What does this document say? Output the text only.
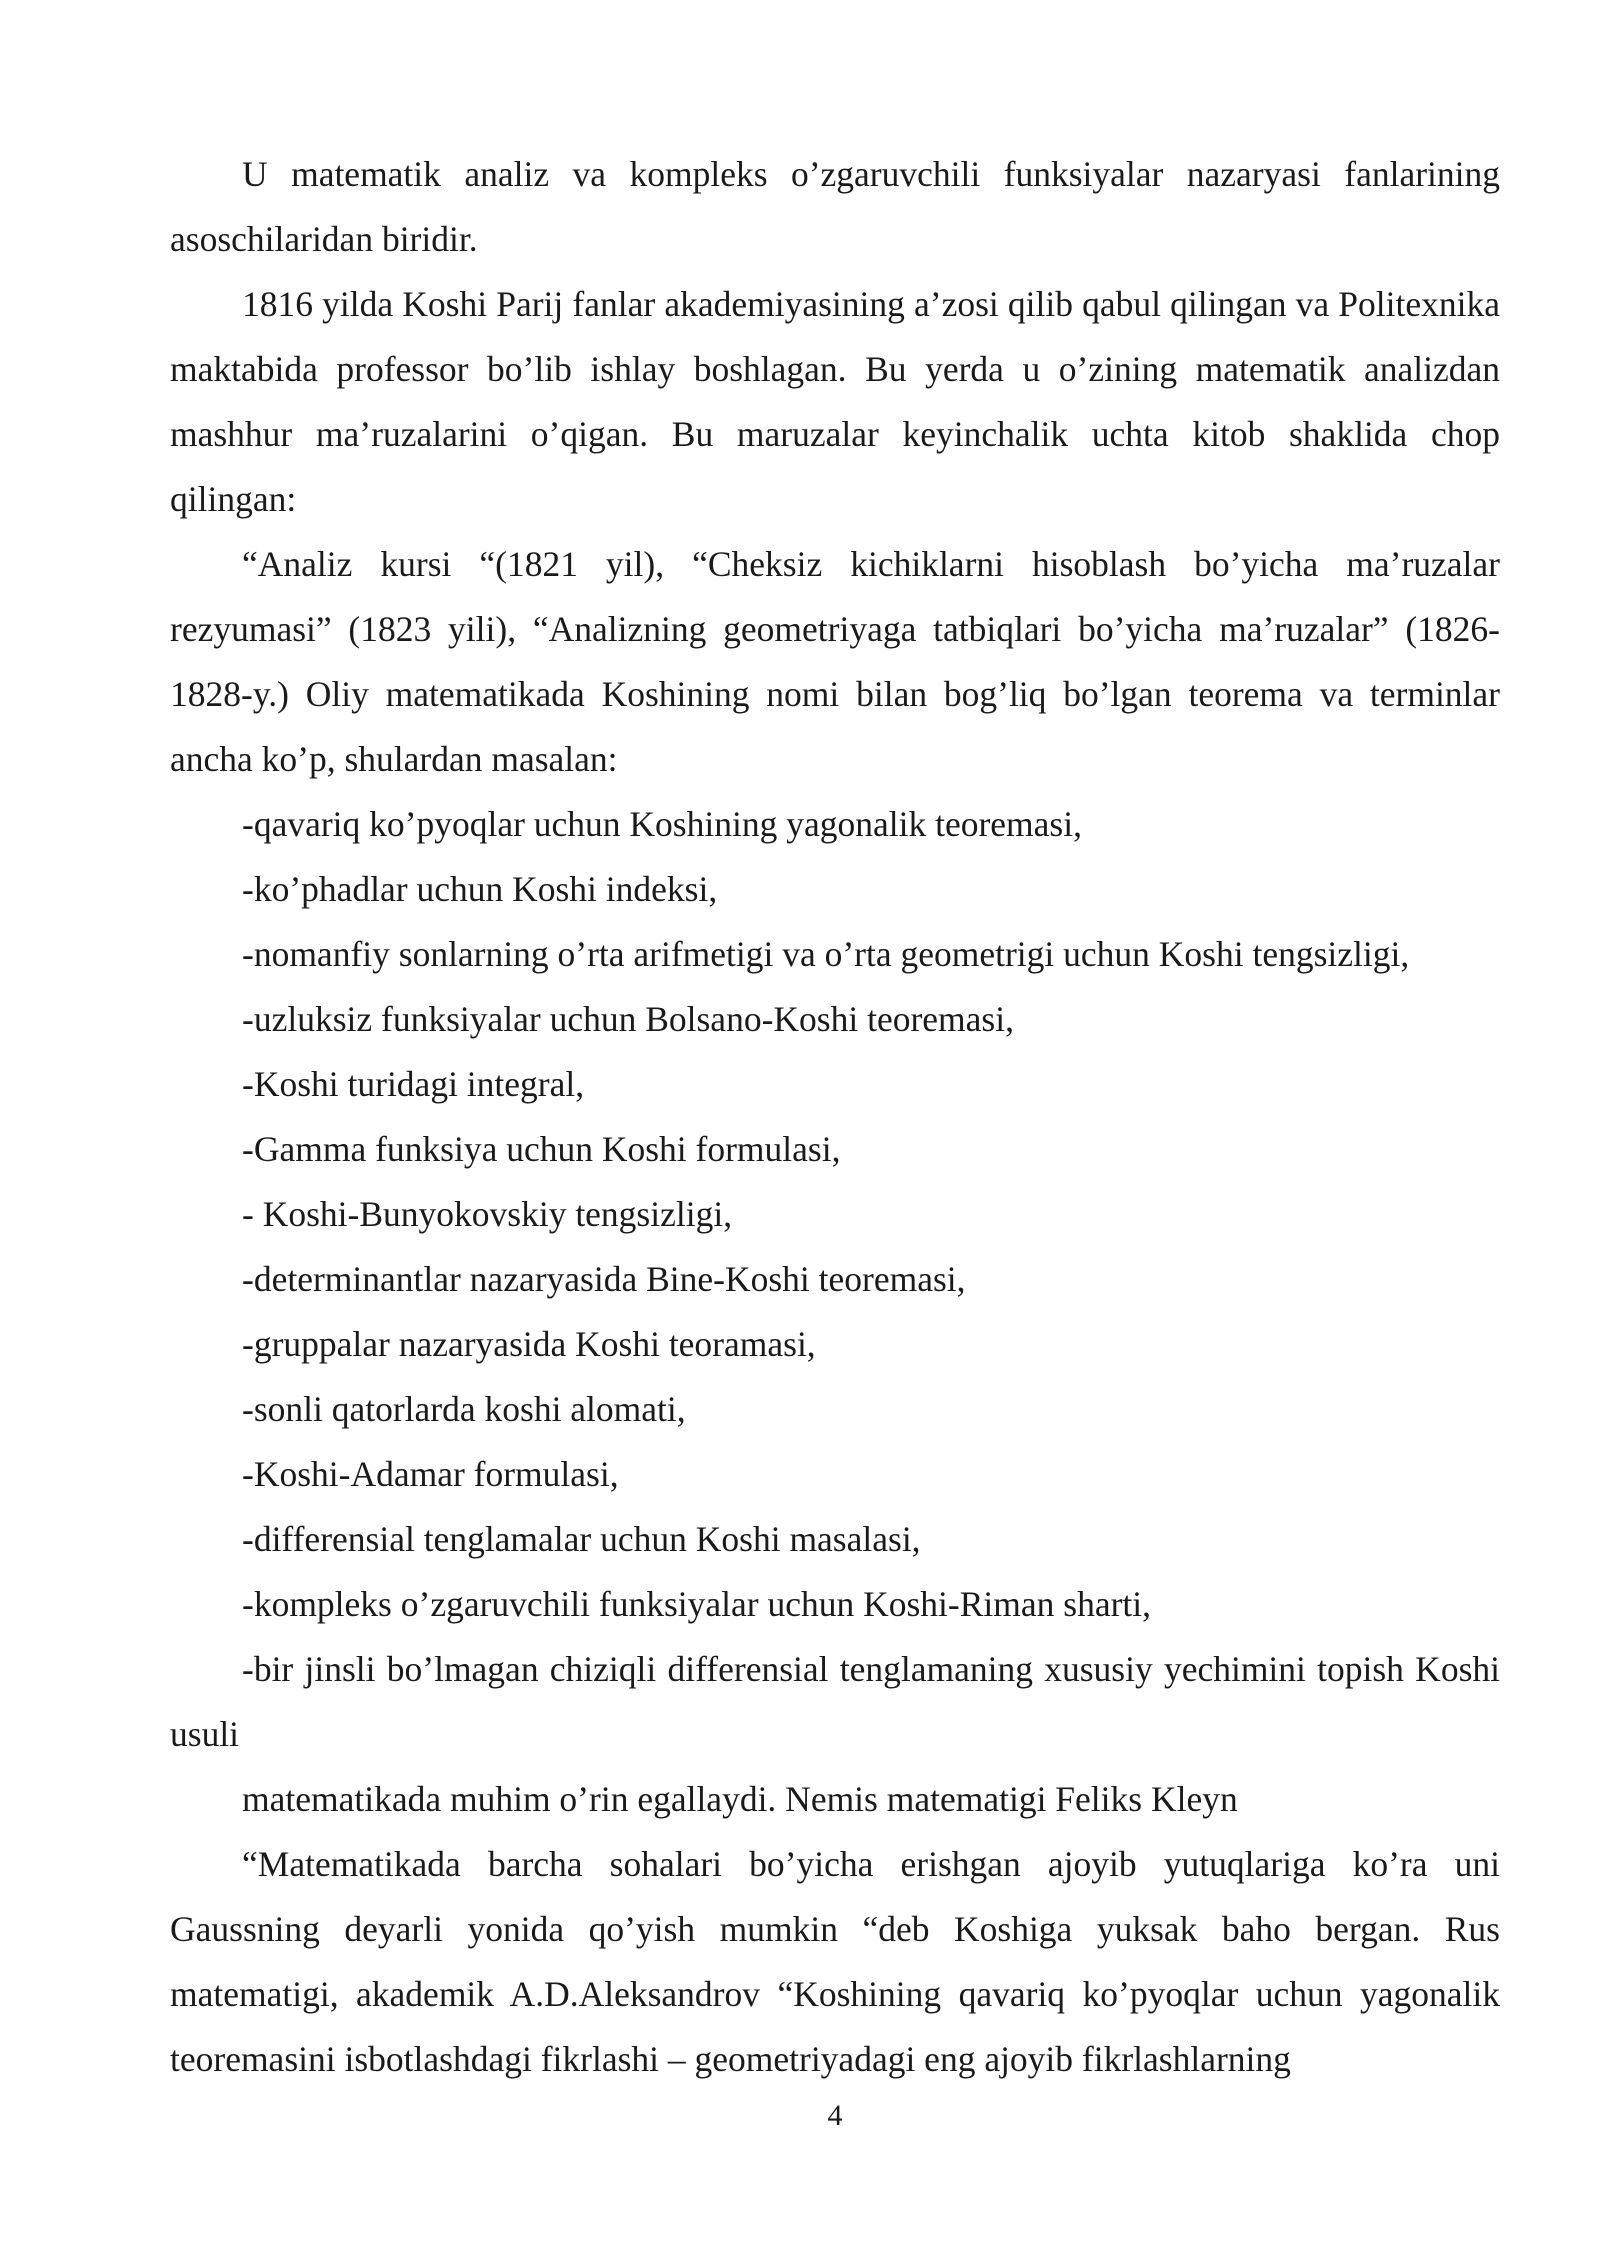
U matematik analiz va kompleks o’zgaruvchili funksiyalar nazaryasi fanlarining asoschilaridan biridir.

1816 yilda Koshi Parij fanlar akademiyasining a’zosi qilib qabul qilingan va Politexnika maktabida professor bo’lib ishlay boshlagan. Bu yerda u o’zining matematik analizdan mashhur ma’ruzalarini o’qigan. Bu maruzalar keyinchalik uchta kitob shaklida chop qilingan:

“Analiz kursi “(1821 yil), “Cheksiz kichiklarni hisoblash bo’yicha ma’ruzalar rezyumasi” (1823 yili), “Analizning geometriyaga tatbiqlari bo’yicha ma’ruzalar” (1826-1828-y.) Oliy matematikada Koshining nomi bilan bog’liq bo’lgan teorema va terminlar ancha ko’p, shulardan masalan:

-qavariq ko’pyoqlar uchun Koshining yagonalik teoremasi,

-ko’phadlar uchun Koshi indeksi,

-nomanfiy sonlarning o’rta arifmetigi va o’rta geometrigi uchun Koshi tengsizligi,

-uzluksiz funksiyalar uchun Bolsano-Koshi teoremasi,

-Koshi turidagi integral,

-Gamma funksiya uchun Koshi formulasi,

- Koshi-Bunyokovskiy tengsizligi,

-determinantlar nazaryasida Bine-Koshi teoremasi,

-gruppalar nazaryasida Koshi teoramasi,

-sonli qatorlarda koshi alomati,

-Koshi-Adamar formulasi,

-differensial tenglamalar uchun Koshi masalasi,

-kompleks o’zgaruvchili funksiyalar uchun Koshi-Riman sharti,

-bir jinsli bo’lmagan chiziqli differensial tenglamaning xususiy yechimini topish Koshi usuli

matematikada muhim o’rin egallaydi. Nemis matematigi Feliks Kleyn

“Matematikada barcha sohalari bo’yicha erishgan ajoyib yutuqlariga ko’ra uni Gaussning deyarli yonida qo’yish mumkin “deb Koshiga yuksak baho bergan. Rus matematigi, akademik A.D.Aleksandrov “Koshining qavariq ko’pyoqlar uchun yagonalik teoremasini isbotlashdagi fikrlashi – geometriyadagi eng ajoyib fikrlashlarning

4
